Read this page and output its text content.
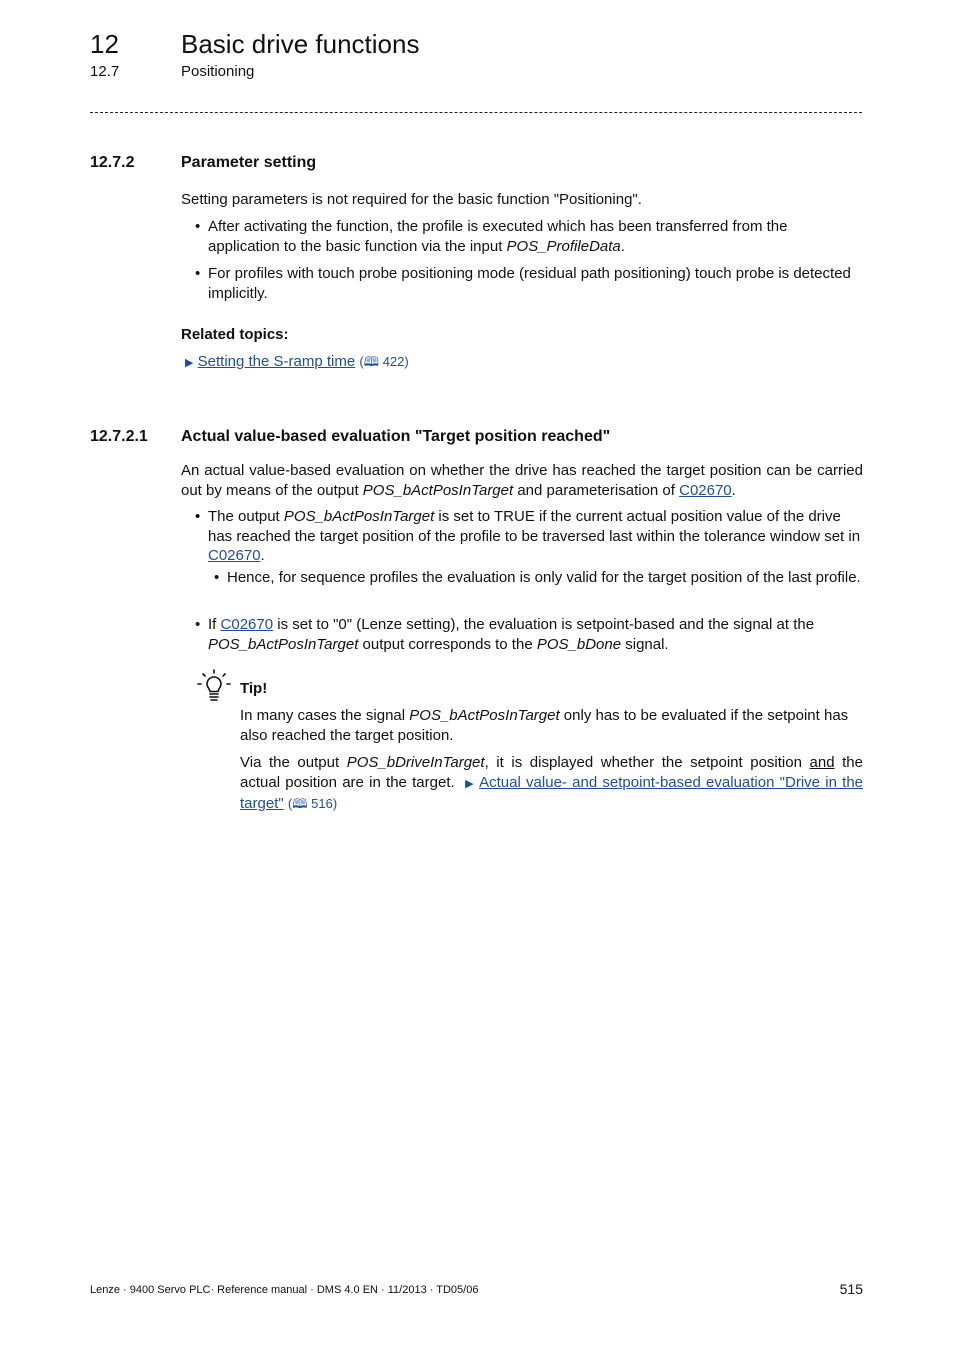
12 Basic drive functions
12.7	Positioning
12.7.2	Parameter setting
Setting parameters is not required for the basic function "Positioning".
• After activating the function, the profile is executed which has been transferred from the application to the basic function via the input POS_ProfileData.
• For profiles with touch probe positioning mode (residual path positioning) touch probe is detected implicitly.
Related topics:
▶ Setting the S-ramp time (🕮 422)
12.7.2.1 Actual value-based evaluation "Target position reached"
An actual value-based evaluation on whether the drive has reached the target position can be carried out by means of the output POS_bActPosInTarget and parameterisation of C02670.
• The output POS_bActPosInTarget is set to TRUE if the current actual position value of the drive has reached the target position of the profile to be traversed last within the tolerance window set in C02670.
• Hence, for sequence profiles the evaluation is only valid for the target position of the last profile.
• If C02670 is set to "0" (Lenze setting), the evaluation is setpoint-based and the signal at the POS_bActPosInTarget output corresponds to the POS_bDone signal.
Tip!
In many cases the signal POS_bActPosInTarget only has to be evaluated if the setpoint has also reached the target position.
Via the output POS_bDriveInTarget, it is displayed whether the setpoint position and the actual position are in the target. ▶ Actual value- and setpoint-based evaluation "Drive in the target" (🕮 516)
Lenze · 9400 Servo PLC· Reference manual · DMS 4.0 EN · 11/2013 · TD05/06	515
